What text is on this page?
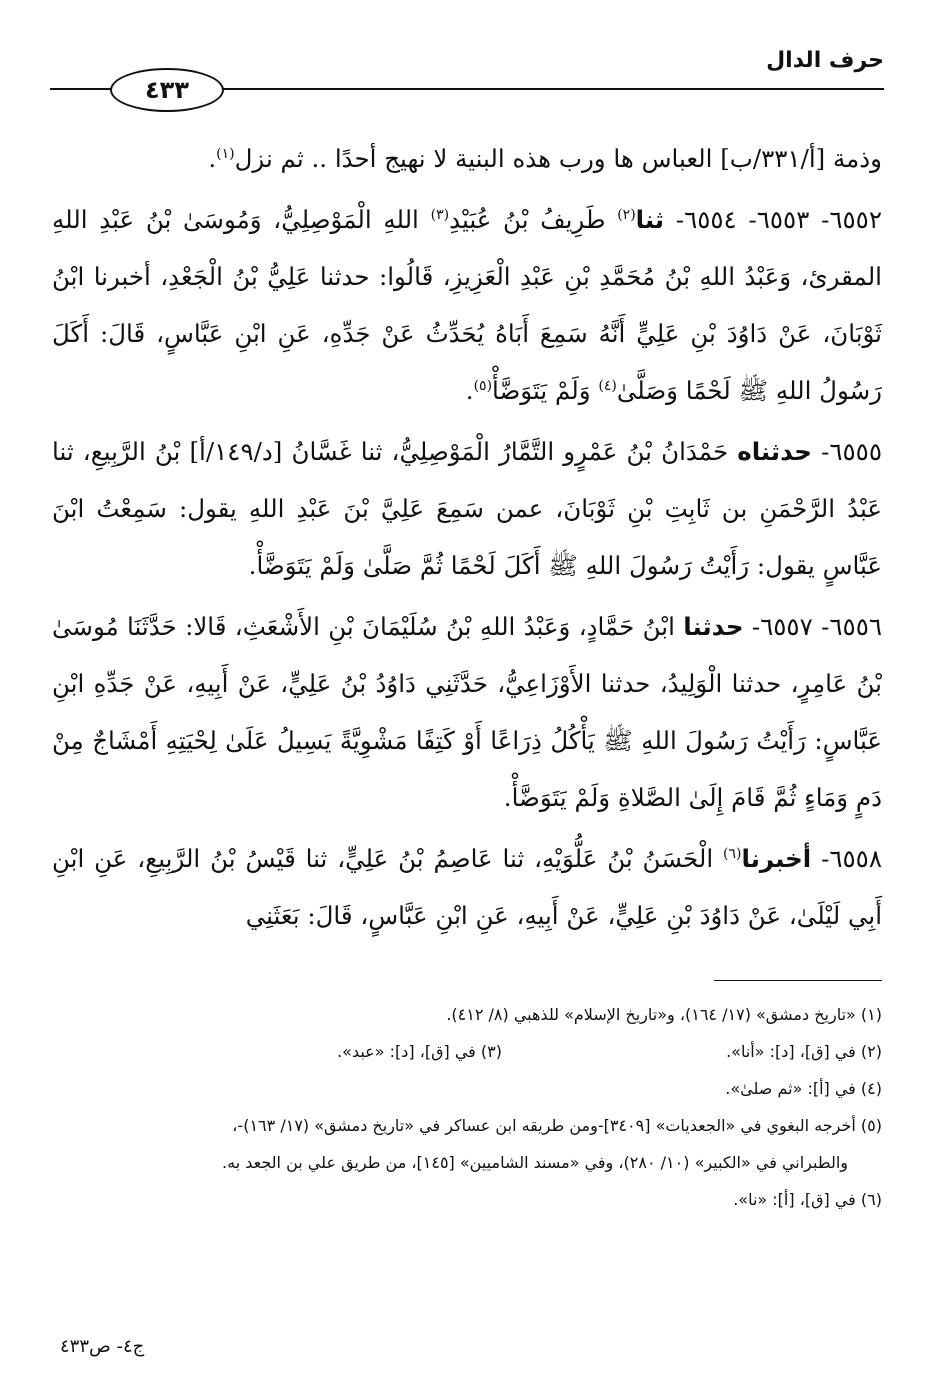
حرف الدال
٤٣٣

وذمة [أ/٣٣١/ب] العباس ها ورب هذه البنية لا نهيج أحدًا .. ثم نزل$^{(١)}$.

٦٥٥٢- ٦٥٥٣- ٦٥٥٤- ثنا$^{(٢)}$ طَرِيفُ بْنُ عُبَيْدِ$^{(٣)}$ اللهِ الْمَوْصِلِيُّ، وَمُوسَىٰ بْنُ عَبْدِ اللهِ المقرئ، وَعَبْدُ اللهِ بْنُ مُحَمَّدِ بْنِ عَبْدِ الْعَزِيزِ، قَالُوا: حدثنا عَلِيُّ بْنُ الْجَعْدِ، أخبرنا ابْنُ ثَوْبَانَ، عَنْ دَاوُدَ بْنِ عَلِيٍّ أَنَّهُ سَمِعَ أَبَاهُ يُحَدِّثُ عَنْ جَدِّهِ، عَنِ ابْنِ عَبَّاسٍ، قَالَ: أَكَلَ رَسُولُ اللهِ ﷺ لَحْمًا وَصَلَّىٰ$^{(٤)}$ وَلَمْ يَتَوَضَّأْ$^{(٥)}$.

٦٥٥٥- حدثناه حَمْدَانُ بْنُ عَمْرٍو التَّمَّارُ الْمَوْصِلِيُّ، ثنا غَسَّانُ [د/١٤٩/أ] بْنُ الرَّبِيعِ، ثنا عَبْدُ الرَّحْمَنِ بن ثَابِتِ بْنِ ثَوْبَانَ، عمن سَمِعَ عَلِيَّ بْنَ عَبْدِ اللهِ يقول: سَمِعْتُ ابْنَ عَبَّاسٍ يقول: رَأَيْتُ رَسُولَ اللهِ ﷺ أَكَلَ لَحْمًا ثُمَّ صَلَّىٰ وَلَمْ يَتَوَضَّأْ.

٦٥٥٦- ٦٥٥٧- حدثنا ابْنُ حَمَّادٍ، وَعَبْدُ اللهِ بْنُ سُلَيْمَانَ بْنِ الأَشْعَثِ، قَالا: حَدَّثَنَا مُوسَىٰ بْنُ عَامِرٍ، حدثنا الْوَلِيدُ، حدثنا الأَوْزَاعِيُّ، حَدَّثَنِي دَاوُدُ بْنُ عَلِيٍّ، عَنْ أَبِيهِ، عَنْ جَدِّهِ ابْنِ عَبَّاسٍ: رَأَيْتُ رَسُولَ اللهِ ﷺ يَأْكُلُ ذِرَاعًا أَوْ كَتِفًا مَشْوِيَّةً يَسِيلُ عَلَىٰ لِحْيَتِهِ أَمْشَاجٌ مِنْ دَمٍ وَمَاءٍ ثُمَّ قَامَ إِلَىٰ الصَّلاةِ وَلَمْ يَتَوَضَّأْ.

٦٥٥٨- أخبرنا$^{(٦)}$ الْحَسَنُ بْنُ عَلُّوَيْهِ، ثنا عَاصِمُ بْنُ عَلِيٍّ، ثنا قَيْسُ بْنُ الرَّبِيعِ، عَنِ ابْنِ أَبِي لَيْلَىٰ، عَنْ دَاوُدَ بْنِ عَلِيٍّ، عَنْ أَبِيهِ، عَنِ ابْنِ عَبَّاسٍ، قَالَ: بَعَثَنِي

(١) «تاريخ دمشق» (١٧/ ١٦٤)، و«تاريخ الإسلام» للذهبي (٨/ ٤١٢).

(٢) في [ق]، [د]: «أنا».

(٣) في [ق]، [د]: «عبد».

(٤) في [أ]: «ثم صلىٰ».

(٥) أخرجه البغوي في «الجعديات» [٣٤٠٩]-ومن طريقه ابن عساكر في «تاريخ دمشق» (١٧/ ١٦٣)-،

والطبراني في «الكبير» (١٠/ ٢٨٠)، وفي «مسند الشاميين» [١٤٥]، من طريق علي بن الجعد به.

(٦) في [ق]، [أ]: «نا».

ج٤- ص٤٣٣
